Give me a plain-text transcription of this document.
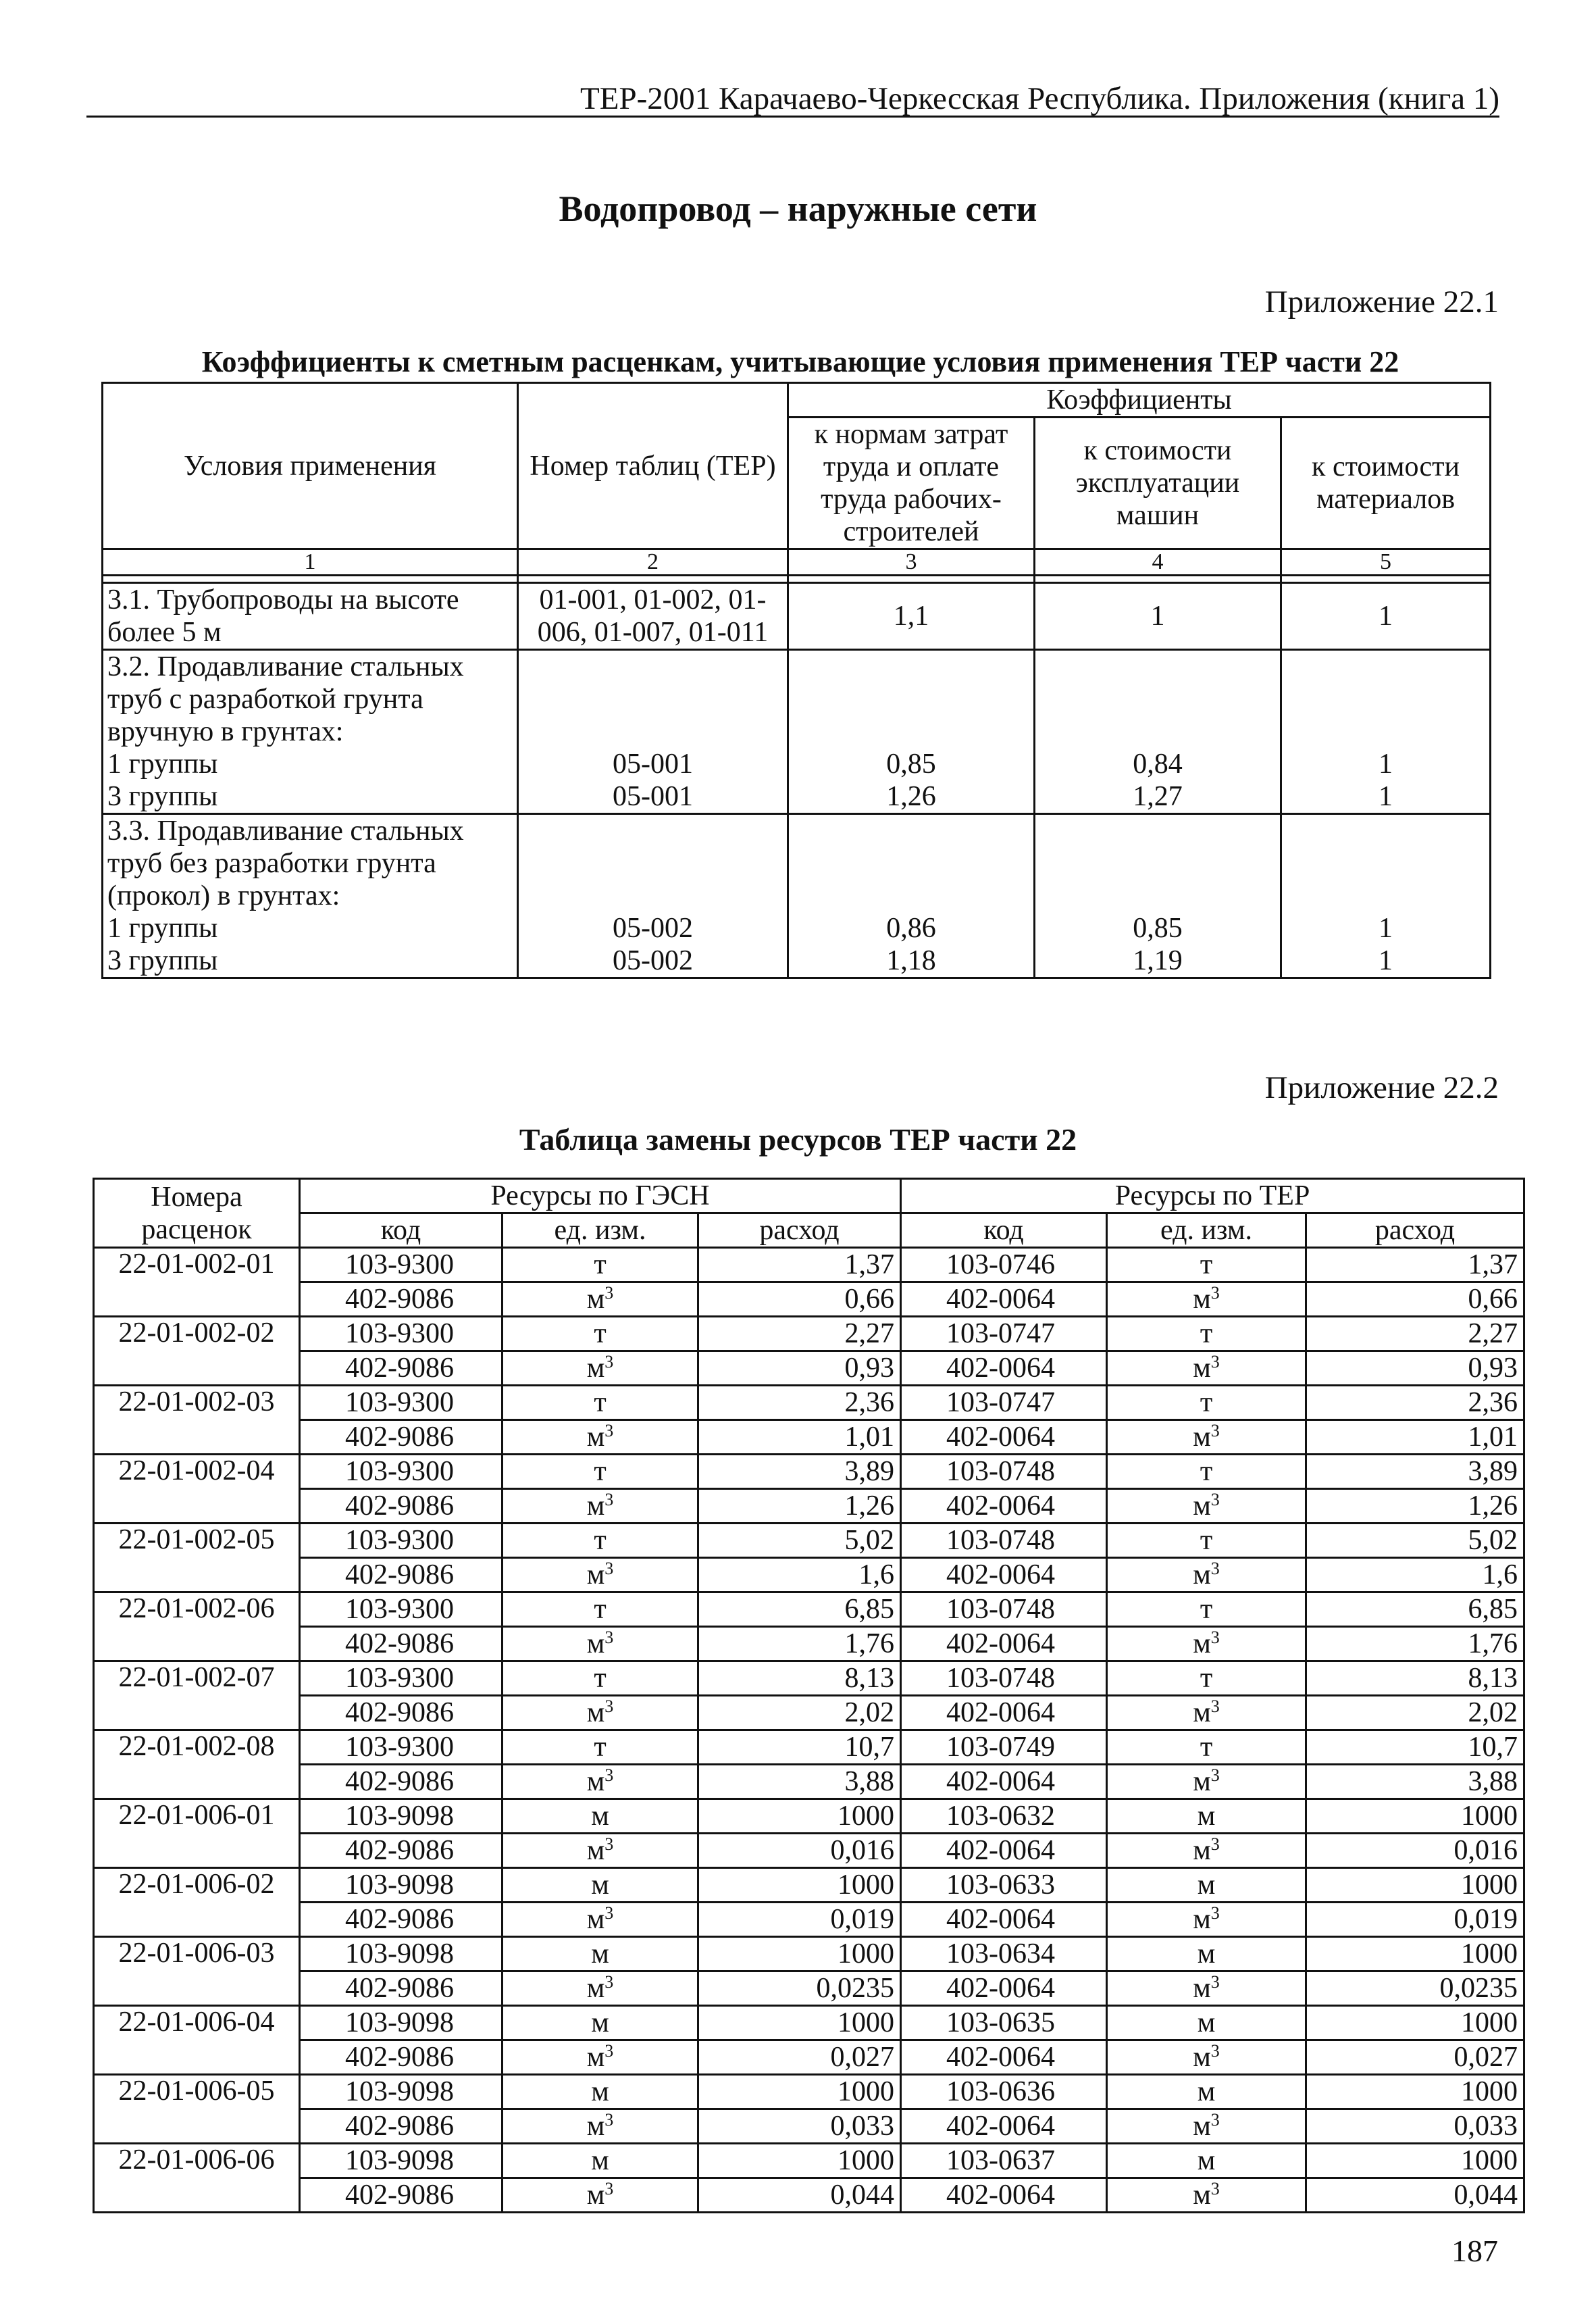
ТЕР-2001 Карачаево-Черкесская Республика. Приложения (книга 1)
Водопровод – наружные сети
Приложение 22.1
Коэффициенты к сметным расценкам, учитывающие условия применения ТЕР части 22
Условия применения	Номер таблиц (ТЕР)	Коэффициенты		
		к нормам затрат труда и оплате труда рабочих-строителей	к стоимости эксплуатации машин	к стоимости материалов
1	2	3	4	5

3.1. Трубопроводы на высоте более 5 м	01-001, 01-002, 01-006, 01-007, 01-011	1,1	1	1
3.2. Продавливание стальных труб с разработкой грунта вручную в грунтах:				
1 группы	05-001	0,85	0,84	1
3 группы	05-001	1,26	1,27	1
3.3. Продавливание стальных труб без разработки грунта (прокол) в грунтах:				
1 группы	05-002	0,86	0,85	1
3 группы	05-002	1,18	1,19	1
Приложение 22.2
Таблица замены ресурсов ТЕР части 22
Номера расценок	Ресурсы по ГЭСН			Ресурсы по ТЕР		
	код	ед. изм.	расход	код	ед. изм.	расход
22-01-002-01	103-9300	т	1,37	103-0746	т	1,37
	402-9086	$м^3$	0,66	402-0064	$м^3$	0,66
22-01-002-02	103-9300	т	2,27	103-0747	т	2,27
	402-9086	$м^3$	0,93	402-0064	$м^3$	0,93
22-01-002-03	103-9300	т	2,36	103-0747	т	2,36
	402-9086	$м^3$	1,01	402-0064	$м^3$	1,01
22-01-002-04	103-9300	т	3,89	103-0748	т	3,89
	402-9086	$м^3$	1,26	402-0064	$м^3$	1,26
22-01-002-05	103-9300	т	5,02	103-0748	т	5,02
	402-9086	$м^3$	1,6	402-0064	$м^3$	1,6
22-01-002-06	103-9300	т	6,85	103-0748	т	6,85
	402-9086	$м^3$	1,76	402-0064	$м^3$	1,76
22-01-002-07	103-9300	т	8,13	103-0748	т	8,13
	402-9086	$м^3$	2,02	402-0064	$м^3$	2,02
22-01-002-08	103-9300	т	10,7	103-0749	т	10,7
	402-9086	$м^3$	3,88	402-0064	$м^3$	3,88
22-01-006-01	103-9098	м	1000	103-0632	м	1000
	402-9086	$м^3$	0,016	402-0064	$м^3$	0,016
22-01-006-02	103-9098	м	1000	103-0633	м	1000
	402-9086	$м^3$	0,019	402-0064	$м^3$	0,019
22-01-006-03	103-9098	м	1000	103-0634	м	1000
	402-9086	$м^3$	0,0235	402-0064	$м^3$	0,0235
22-01-006-04	103-9098	м	1000	103-0635	м	1000
	402-9086	$м^3$	0,027	402-0064	$м^3$	0,027
22-01-006-05	103-9098	м	1000	103-0636	м	1000
	402-9086	$м^3$	0,033	402-0064	$м^3$	0,033
22-01-006-06	103-9098	м	1000	103-0637	м	1000
	402-9086	$м^3$	0,044	402-0064	$м^3$	0,044
187
